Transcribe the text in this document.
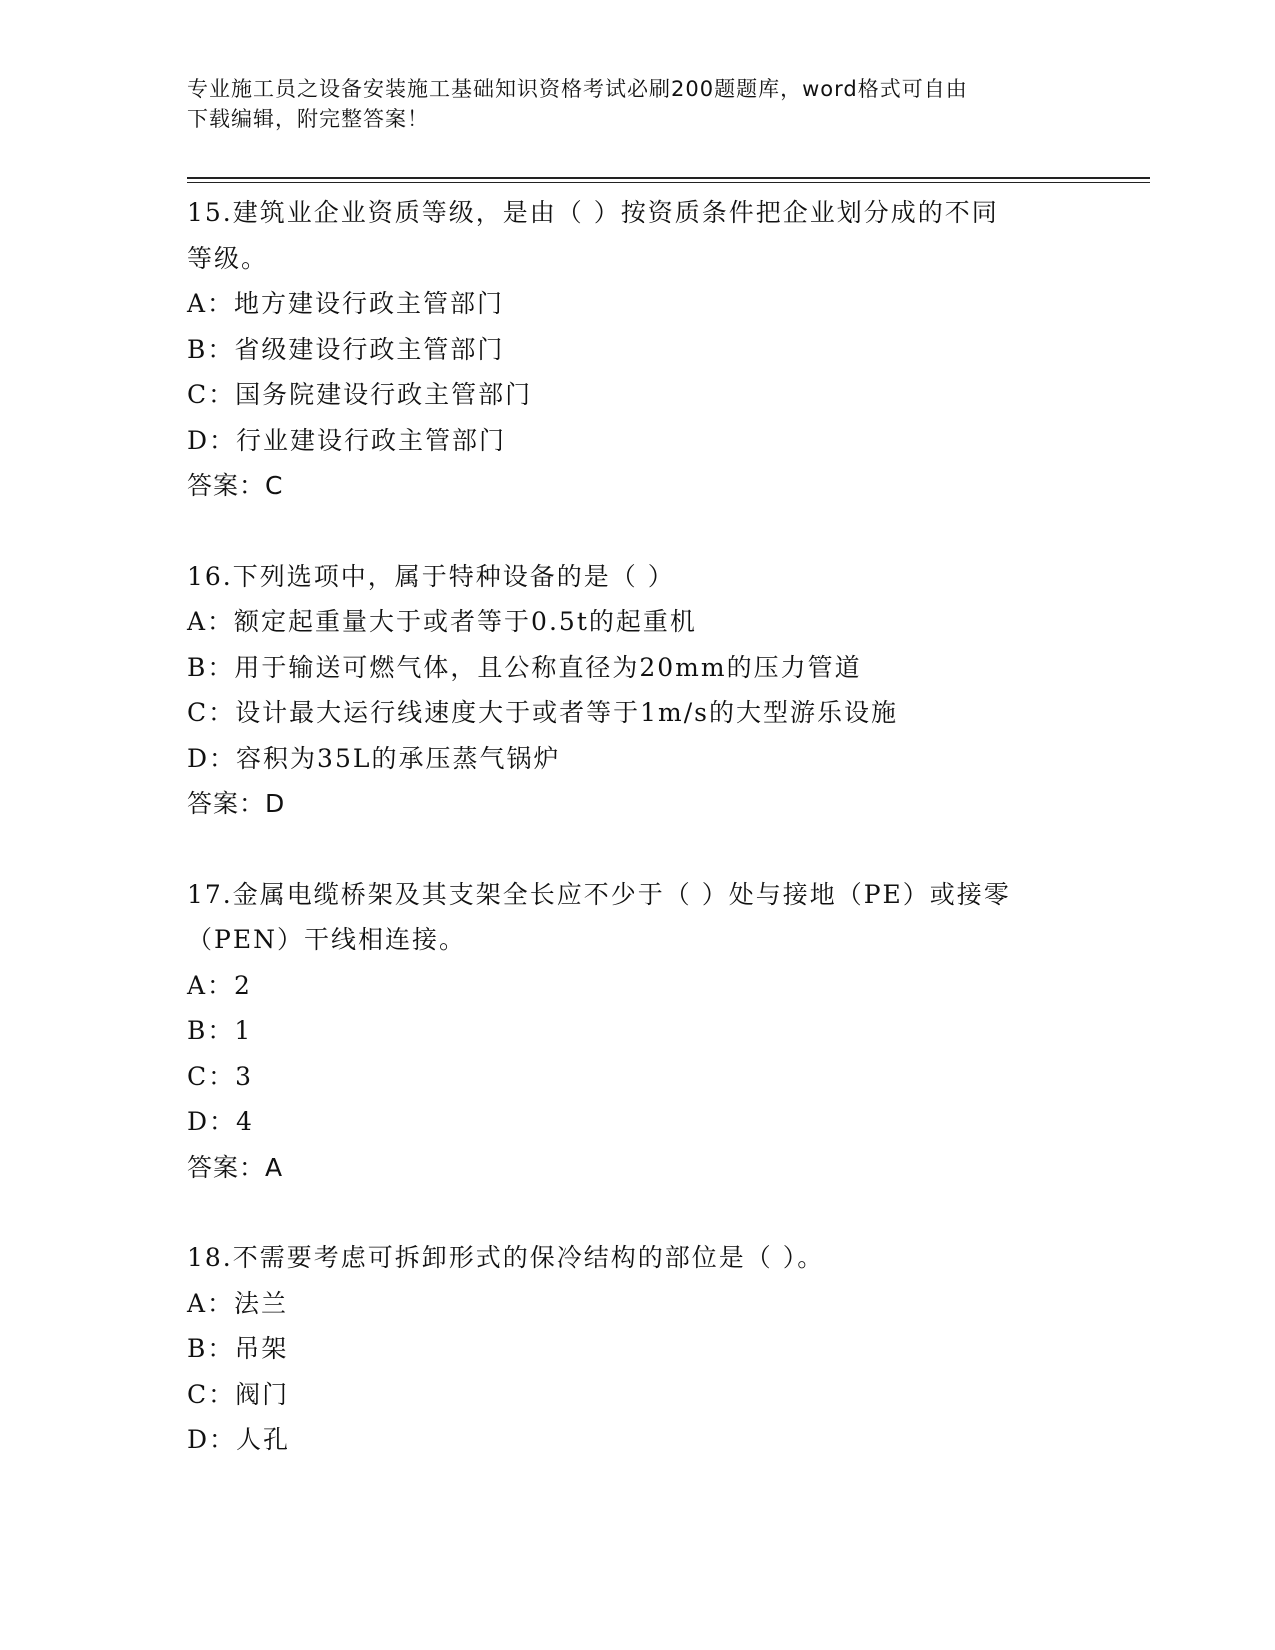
专业施工员之设备安装施工基础知识资格考试必刷200题题库，word格式可自由
下载编辑，附完整答案！
15.建筑业企业资质等级，是由（ ）按资质条件把企业划分成的不同
等级。
A：地方建设行政主管部门
B：省级建设行政主管部门
C：国务院建设行政主管部门
D：行业建设行政主管部门
答案：C
16.下列选项中，属于特种设备的是（ ）
A：额定起重量大于或者等于0.5t的起重机
B：用于输送可燃气体，且公称直径为20mm的压力管道
C：设计最大运行线速度大于或者等于1m/s的大型游乐设施
D：容积为35L的承压蒸气锅炉
答案：D
17.金属电缆桥架及其支架全长应不少于（ ）处与接地（PE）或接零
（PEN）干线相连接。
A：2
B：1
C：3
D：4
答案：A
18.不需要考虑可拆卸形式的保冷结构的部位是（ ）。
A：法兰
B：吊架
C：阀门
D：人孔
